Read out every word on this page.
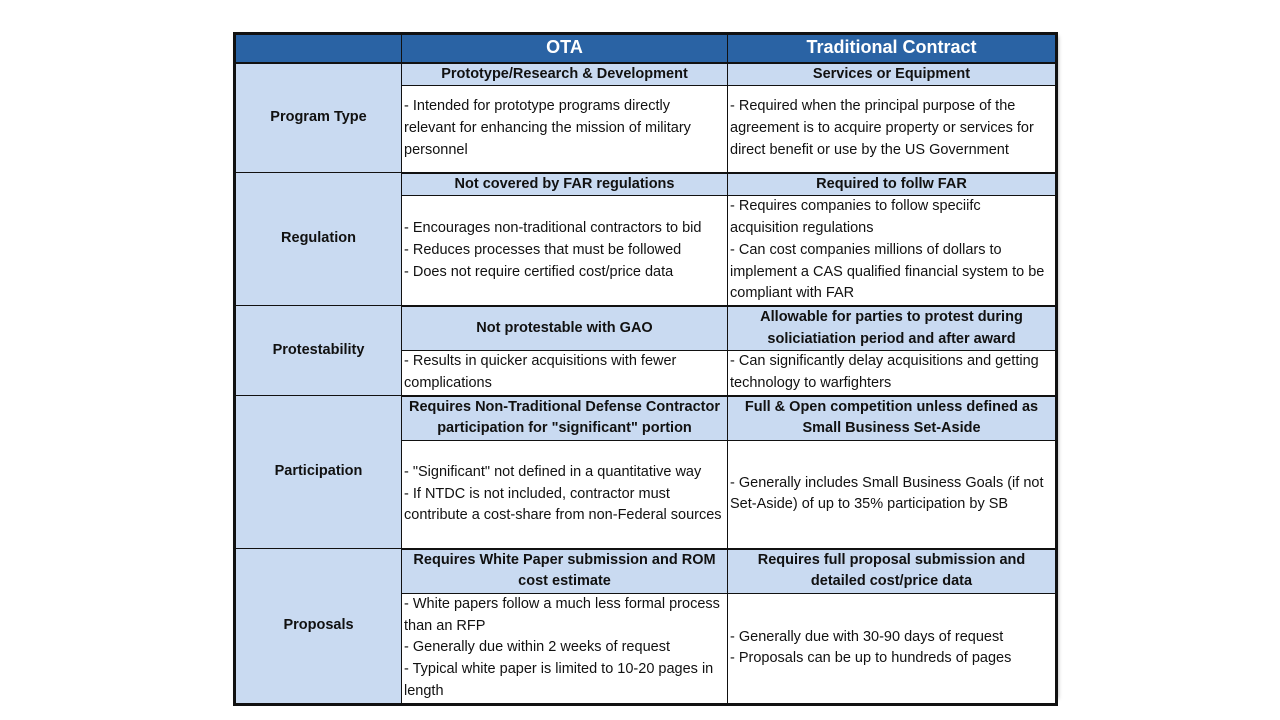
	OTA	Traditional Contract
Program Type	Prototype/Research & Development	Services or Equipment

	- Intended for prototype programs directly relevant for enhancing the mission of military personnel	- Required when the principal purpose of the agreement is to acquire property or services for direct benefit or use by the US Government

Regulation	Not covered by FAR regulations	Required to follw FAR

	- Encourages non-traditional contractors to bid
- Reduces processes that must be followed
- Does not require certified cost/price data	- Requires companies to follow speciifc acquisition regulations
- Can cost companies millions of dollars to implement a CAS qualified financial system to be compliant with FAR

Protestability	Not protestable with GAO	Allowable for parties to protest during soliciatiation period and after award

	- Results in quicker acquisitions with fewer complications	- Can significantly delay acquisitions and getting technology to warfighters

Participation	Requires Non-Traditional Defense Contractor participation for "significant" portion	Full & Open competition unless defined as Small Business Set-Aside

	- "Significant" not defined in a quantitative way
- If NTDC is not included, contractor must contribute a cost-share from non-Federal sources	- Generally includes Small Business Goals (if not Set-Aside) of up to 35% participation by SB

Proposals	Requires White Paper submission and ROM cost estimate	Requires full proposal submission and detailed cost/price data

	- White papers follow a much less formal process than an RFP
- Generally due within 2 weeks of request
- Typical white paper is limited to 10-20 pages in length	- Generally due with 30-90 days of request
- Proposals can be up to hundreds of pages
